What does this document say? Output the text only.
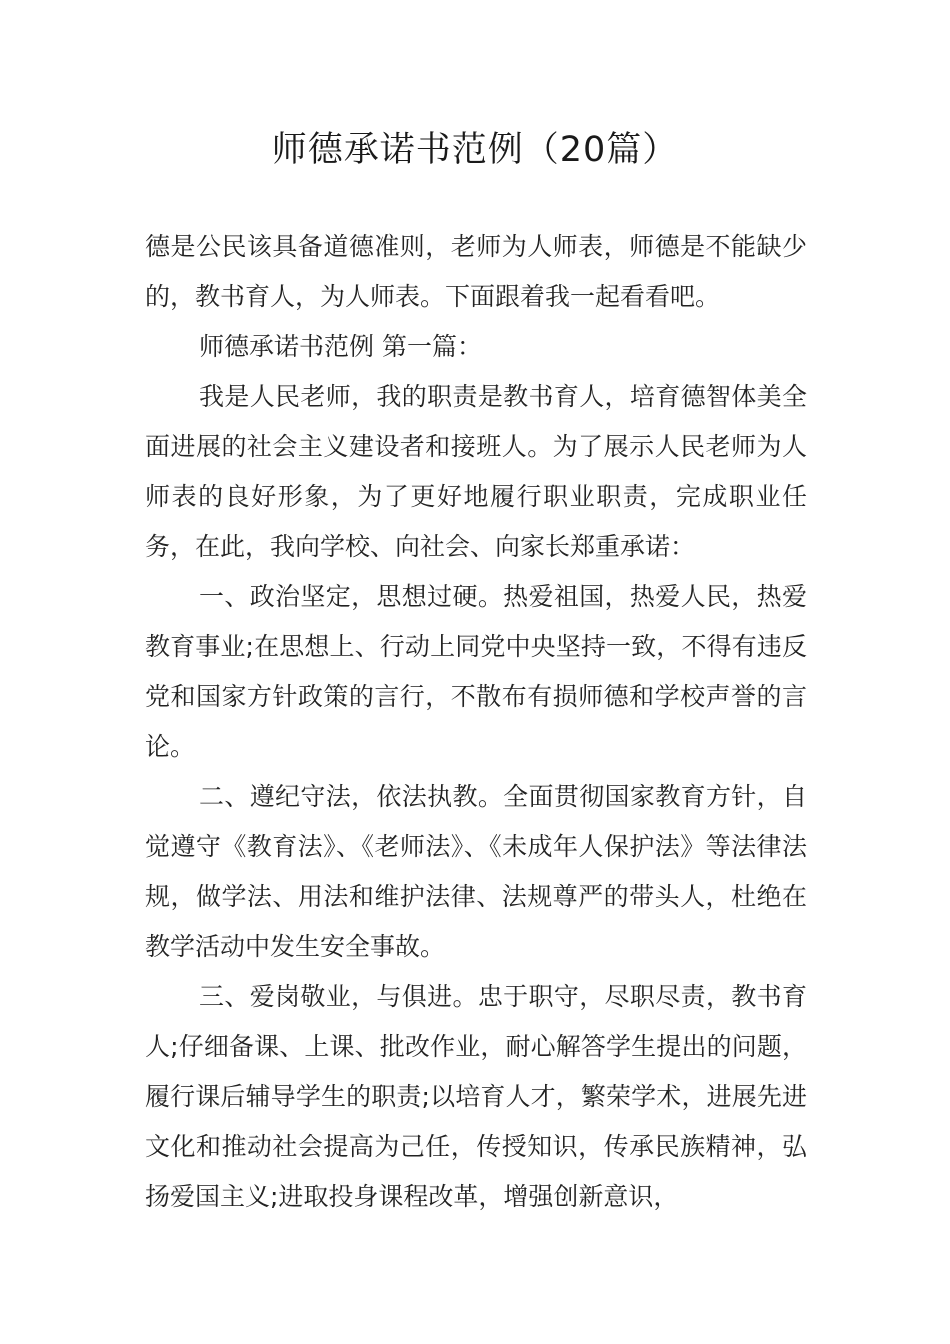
师德承诺书范例（20篇）

德是公民该具备道德准则，老师为人师表，师德是不能缺少的，教书育人，为人师表。下面跟着我一起看看吧。

师德承诺书范例 第一篇：

我是人民老师，我的职责是教书育人，培育德智体美全面进展的社会主义建设者和接班人。为了展示人民老师为人师表的良好形象，为了更好地履行职业职责，完成职业任务，在此，我向学校、向社会、向家长郑重承诺：

一、政治坚定，思想过硬。热爱祖国，热爱人民，热爱教育事业;在思想上、行动上同党中央坚持一致，不得有违反党和国家方针政策的言行，不散布有损师德和学校声誉的言论。

二、遵纪守法，依法执教。全面贯彻国家教育方针，自觉遵守《教育法》、《老师法》、《未成年人保护法》等法律法规，做学法、用法和维护法律、法规尊严的带头人，杜绝在教学活动中发生安全事故。

三、爱岗敬业，与俱进。忠于职守，尽职尽责，教书育人;仔细备课、上课、批改作业，耐心解答学生提出的问题，履行课后辅导学生的职责;以培育人才，繁荣学术，进展先进文化和推动社会提高为己任，传授知识，传承民族精神，弘扬爱国主义;进取投身课程改革，增强创新意识，
